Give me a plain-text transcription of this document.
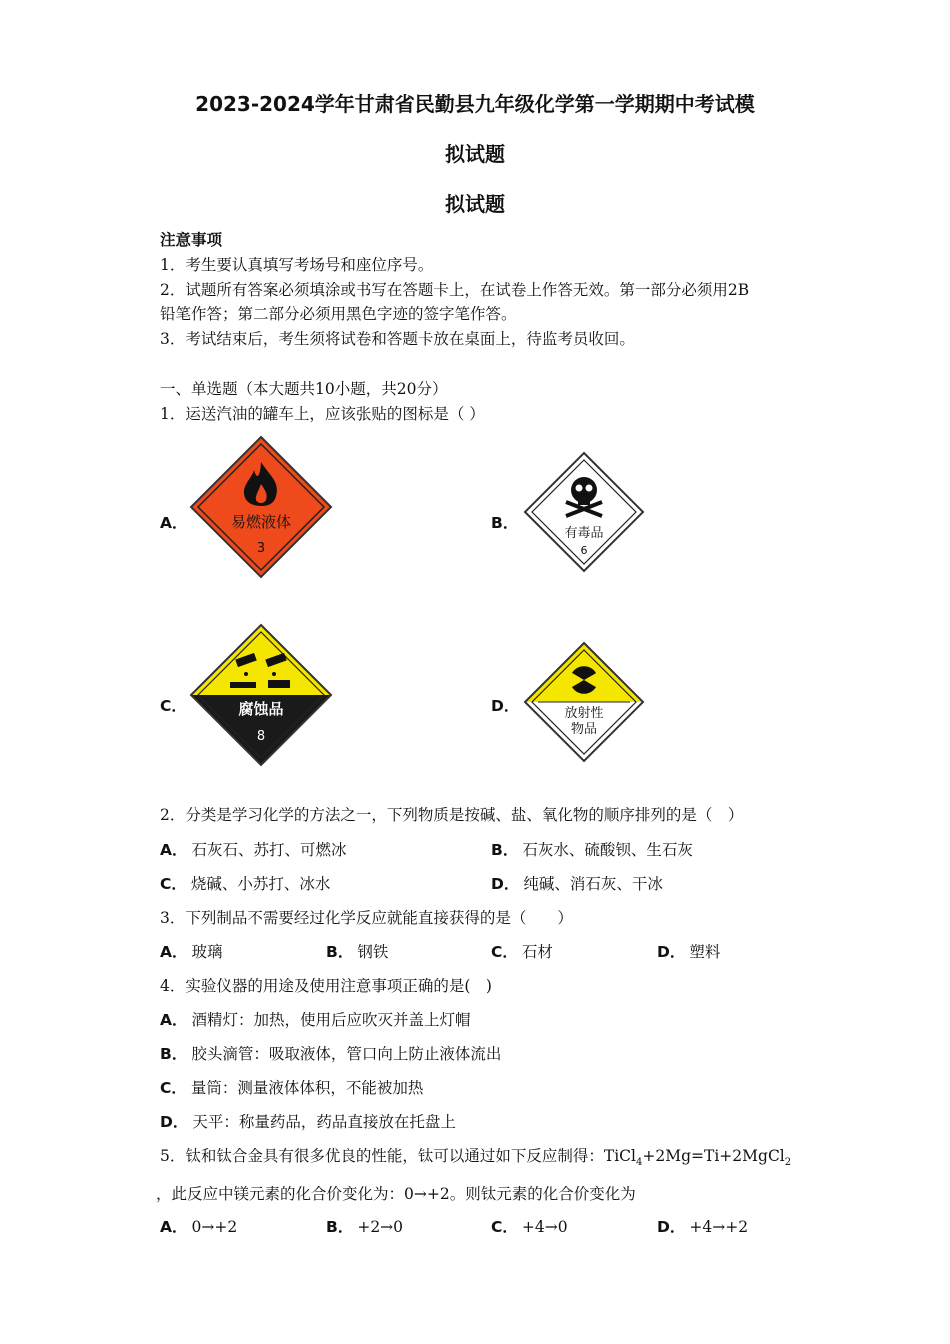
2023-2024学年甘肃省民勤县九年级化学第一学期期中考试模
拟试题
拟试题
注意事项
1．考生要认真填写考场号和座位序号。
2．试题所有答案必须填涂或书写在答题卡上，在试卷上作答无效。第一部分必须用2B
铅笔作答；第二部分必须用黑色字迹的签字笔作答。
3．考试结束后，考生须将试卷和答题卡放在桌面上，待监考员收回。
一、单选题（本大题共10小题，共20分）
1．运送汽油的罐车上，应该张贴的图标是（ ）
A．	易燃液体
3
B．
有毒品
6
C．	腐蚀品
8
D．	放射性
物品
2．分类是学习化学的方法之一，下列物质是按碱、盐、氧化物的顺序排列的是（　）
A． 石灰石、苏打、可燃冰	B． 石灰水、硫酸钡、生石灰
C． 烧碱、小苏打、冰水	D． 纯碱、消石灰、干冰
3．下列制品不需要经过化学反应就能直接获得的是（　　）
A． 玻璃	B． 钢铁	C． 石材	D． 塑料
4．实验仪器的用途及使用注意事项正确的是(　)
A． 酒精灯：加热，使用后应吹灭并盖上灯帽
B． 胶头滴管：吸取液体，管口向上防止液体流出
C． 量筒：测量液体体积，不能被加热
D． 天平：称量药品，药品直接放在托盘上
5．钛和钛合金具有很多优良的性能，钛可以通过如下反应制得：TiCl$_4$+2Mg=Ti+2MgCl$_2$
，此反应中镁元素的化合价变化为：0→+2。则钛元素的化合价变化为
A． 0→+2	B． +2→0	C． +4→0	D． +4→+2
